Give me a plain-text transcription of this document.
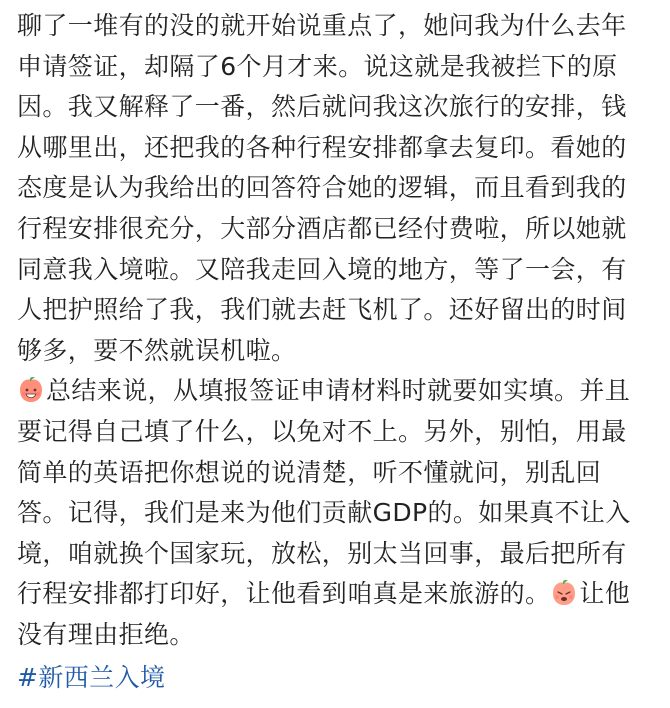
聊了一堆有的没的就开始说重点了，她问我为什么去年
申请签证，却隔了6个月才来。说这就是我被拦下的原
因。我又解释了一番，然后就问我这次旅行的安排，钱
从哪里出，还把我的各种行程安排都拿去复印。看她的
态度是认为我给出的回答符合她的逻辑，而且看到我的
行程安排很充分，大部分酒店都已经付费啦，所以她就
同意我入境啦。又陪我走回入境的地方，等了一会，有
人把护照给了我，我们就去赶飞机了。还好留出的时间
够多，要不然就误机啦。
总结来说，从填报签证申请材料时就要如实填。并且
要记得自己填了什么，以免对不上。另外，别怕，用最
简单的英语把你想说的说清楚，听不懂就问，别乱回
答。记得，我们是来为他们贡献GDP的。如果真不让入
境，咱就换个国家玩，放松，别太当回事，最后把所有
行程安排都打印好，让他看到咱真是来旅游的。 让他
没有理由拒绝。
#新西兰入境
